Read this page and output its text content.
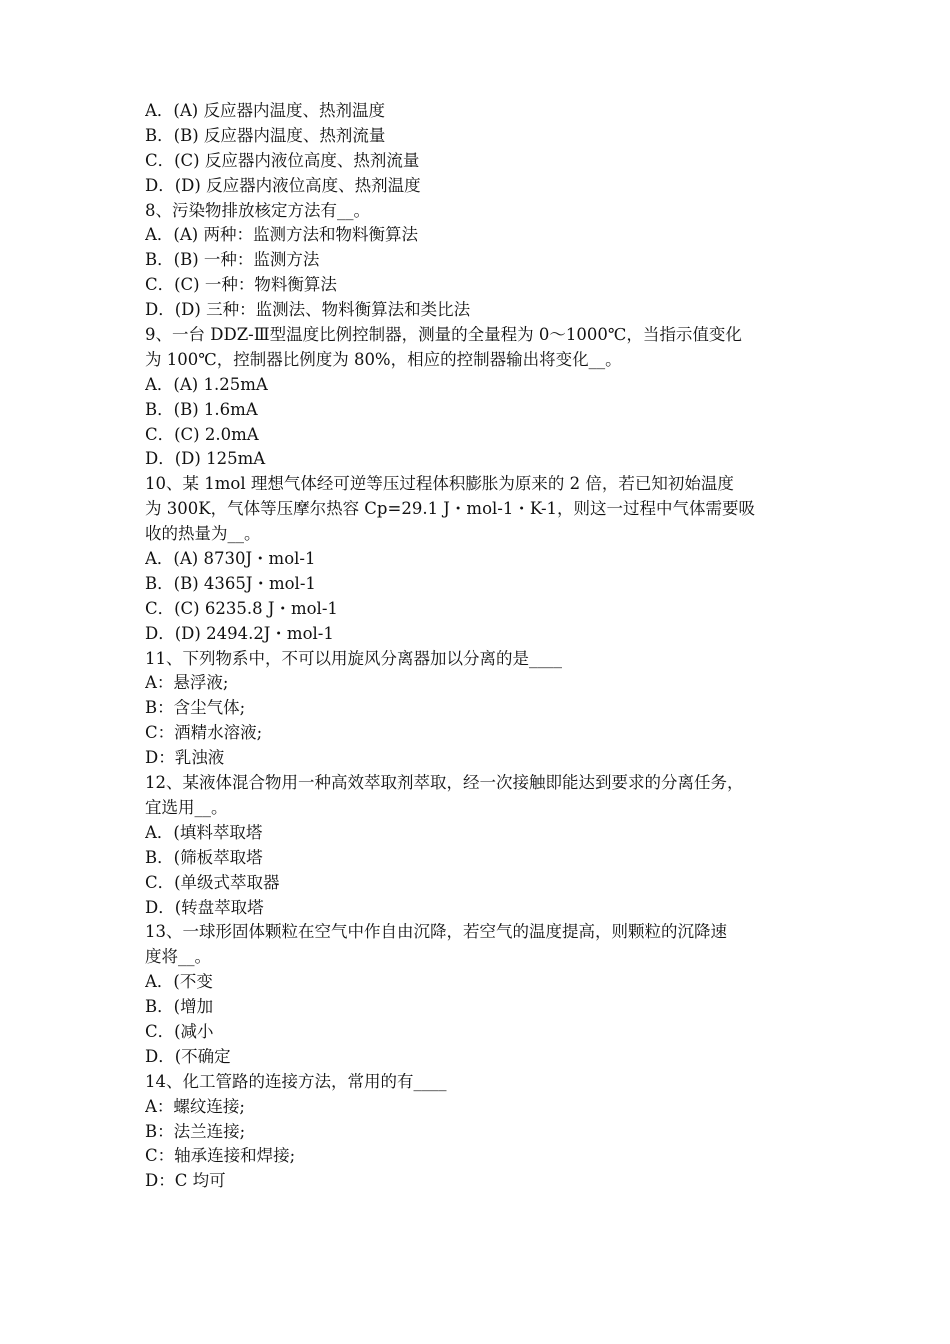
A．(A) 反应器内温度、热剂温度
B．(B) 反应器内温度、热剂流量
C．(C) 反应器内液位高度、热剂流量
D．(D) 反应器内液位高度、热剂温度
8、污染物排放核定方法有__。
A．(A) 两种：监测方法和物料衡算法
B．(B) 一种：监测方法
C．(C) 一种：物料衡算法
D．(D) 三种：监测法、物料衡算法和类比法
9、一台 DDZ-Ⅲ型温度比例控制器，测量的全量程为 0～1000℃，当指示值变化
为 100℃，控制器比例度为 80%，相应的控制器输出将变化__。
A．(A) 1.25mA
B．(B) 1.6mA
C．(C) 2.0mA
D．(D) 125mA
10、某 1mol 理想气体经可逆等压过程体积膨胀为原来的 2 倍，若已知初始温度
为 300K，气体等压摩尔热容 Cp=29.1 J・mol-1・K-1，则这一过程中气体需要吸
收的热量为__。
A．(A) 8730J・mol-1
B．(B) 4365J・mol-1
C．(C) 6235.8 J・mol-1
D．(D) 2494.2J・mol-1
11、下列物系中，不可以用旋风分离器加以分离的是____
A：悬浮液;
B：含尘气体;
C：酒精水溶液;
D：乳浊液
12、某液体混合物用一种高效萃取剂萃取，经一次接触即能达到要求的分离任务，
宜选用__。
A．(填料萃取塔
B．(筛板萃取塔
C．(单级式萃取器
D．(转盘萃取塔
13、一球形固体颗粒在空气中作自由沉降，若空气的温度提高，则颗粒的沉降速
度将__。
A．(不变
B．(增加
C．(减小
D．(不确定
14、化工管路的连接方法，常用的有____
A：螺纹连接;
B：法兰连接;
C：轴承连接和焊接;
D：C 均可
